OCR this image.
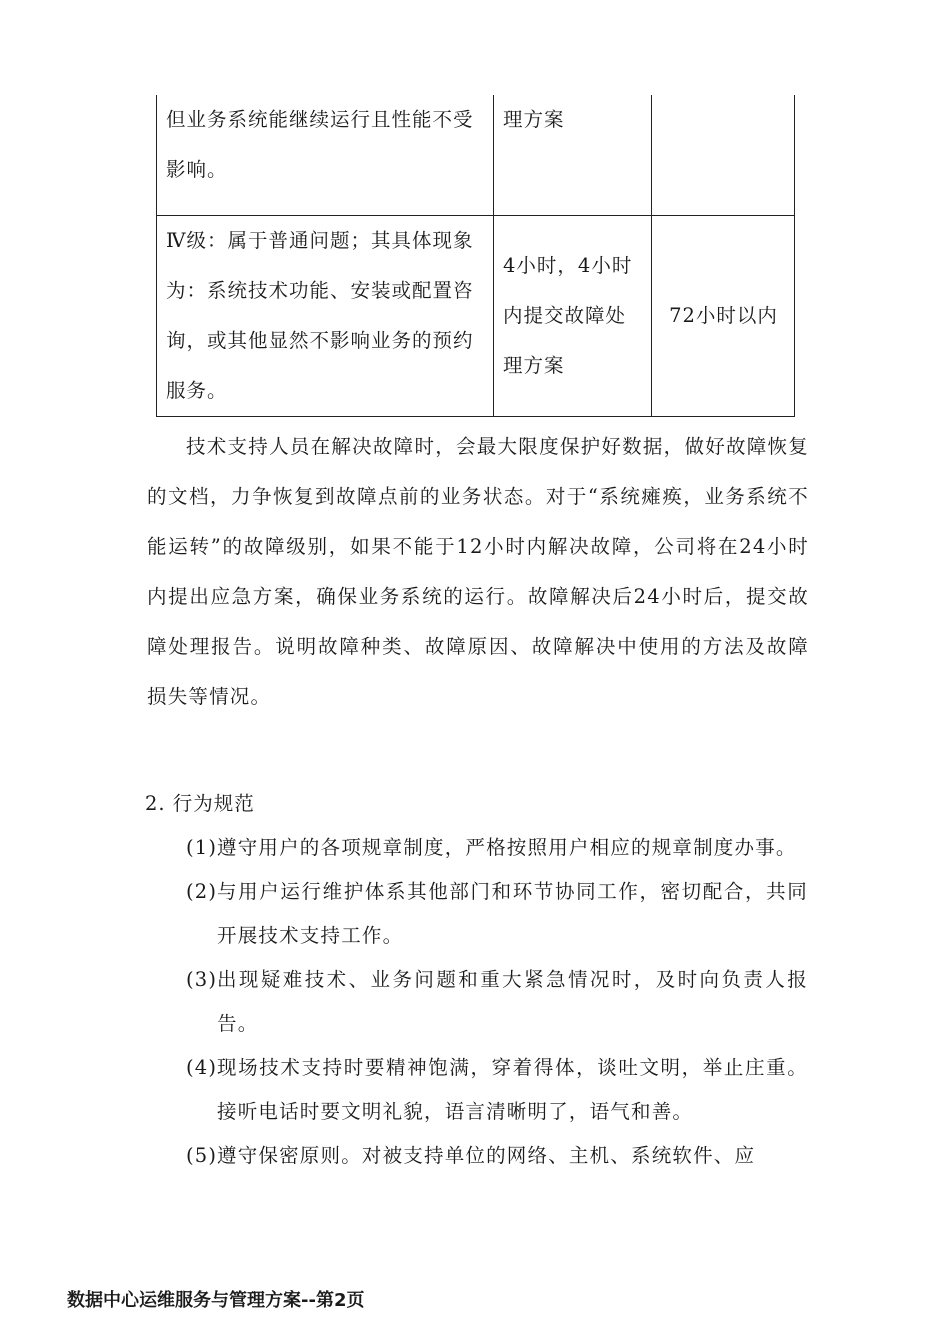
但业务系统能继续运行且性能不受影响。	理方案	
Ⅳ级：属于普通问题；其具体现象为：系统技术功能、安装或配置咨询，或其他显然不影响业务的预约服务。	4小时，4小时内提交故障处理方案	72小时以内

技术支持人员在解决故障时，会最大限度保护好数据，做好故障恢复的文档，力争恢复到故障点前的业务状态。对于“系统瘫痪，业务系统不能运转”的故障级别，如果不能于12小时内解决故障，公司将在24小时内提出应急方案，确保业务系统的运行。故障解决后24小时后，提交故障处理报告。说明故障种类、故障原因、故障解决中使用的方法及故障损失等情况。

2. 行为规范
(1) 遵守用户的各项规章制度，严格按照用户相应的规章制度办事。
(2) 与用户运行维护体系其他部门和环节协同工作，密切配合，共同开展技术支持工作。
(3) 出现疑难技术、业务问题和重大紧急情况时，及时向负责人报告。
(4) 现场技术支持时要精神饱满，穿着得体，谈吐文明，举止庄重。接听电话时要文明礼貌，语言清晰明了，语气和善。
(5) 遵守保密原则。对被支持单位的网络、主机、系统软件、应
数据中心运维服务与管理方案--第2页
